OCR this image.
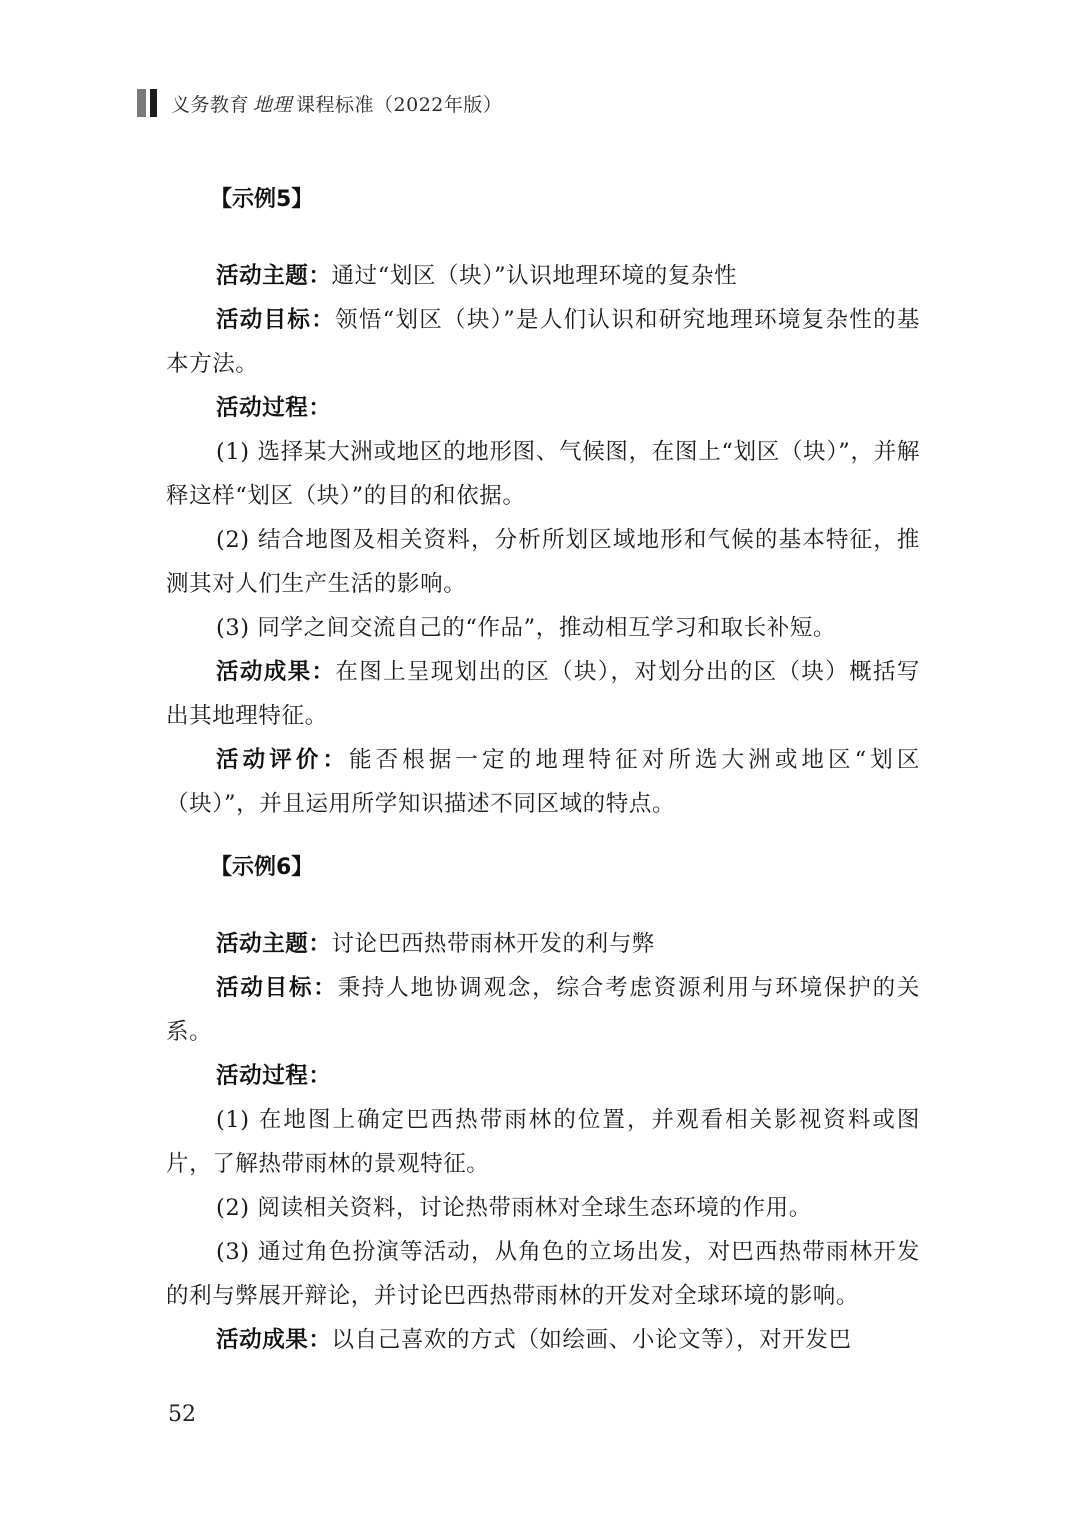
义务教育 地理 课程标准（2022年版）
【示例5】

活动主题：通过“划区（块）”认识地理环境的复杂性

活动目标：领悟“划区（块）”是人们认识和研究地理环境复杂性的基本方法。

活动过程：

(1) 选择某大洲或地区的地形图、气候图，在图上“划区（块）”，并解释这样“划区（块）”的目的和依据。

(2) 结合地图及相关资料，分析所划区域地形和气候的基本特征，推测其对人们生产生活的影响。

(3) 同学之间交流自己的“作品”，推动相互学习和取长补短。

活动成果：在图上呈现划出的区（块），对划分出的区（块）概括写出其地理特征。

活动评价：能否根据一定的地理特征对所选大洲或地区“划区（块）”，并且运用所学知识描述不同区域的特点。

【示例6】

活动主题：讨论巴西热带雨林开发的利与弊

活动目标：秉持人地协调观念，综合考虑资源利用与环境保护的关系。

活动过程：

(1) 在地图上确定巴西热带雨林的位置，并观看相关影视资料或图片，了解热带雨林的景观特征。

(2) 阅读相关资料，讨论热带雨林对全球生态环境的作用。

(3) 通过角色扮演等活动，从角色的立场出发，对巴西热带雨林开发的利与弊展开辩论，并讨论巴西热带雨林的开发对全球环境的影响。

活动成果：以自己喜欢的方式（如绘画、小论文等），对开发巴

52
